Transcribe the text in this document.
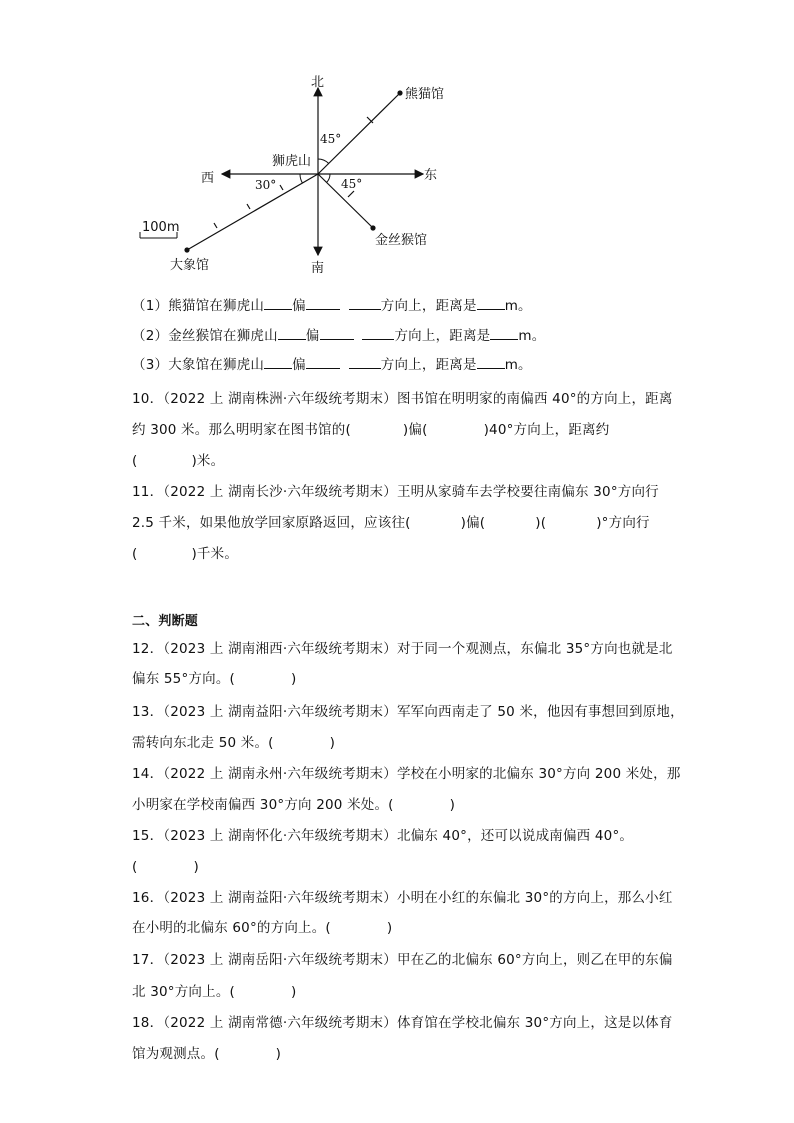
北
南
东
西
狮虎山
熊猫馆
金丝猴馆
大象馆
45°
45°
30°
100m
（1）熊猫馆在狮虎山 偏	方向上，距离是 m。
（2）金丝猴馆在狮虎山 偏	方向上，距离是 m。
（3）大象馆在狮虎山 偏	方向上，距离是 m。
10．（2022 上 湖南株洲·六年级统考期末）图书馆在明明家的南偏西 40°的方向上，距离
约 300 米。那么明明家在图书馆的(	)偏(	)40°方向上，距离约
(	)米。
11．（2022 上 湖南长沙·六年级统考期末）王明从家骑车去学校要往南偏东 30°方向行
2.5 千米，如果他放学回家原路返回，应该往(	)偏(	)(	)°方向行
(	)千米。
二、判断题
12．（2023 上 湖南湘西·六年级统考期末）对于同一个观测点，东偏北 35°方向也就是北
偏东 55°方向。(	)
13．（2023 上 湖南益阳·六年级统考期末）军军向西南走了 50 米，他因有事想回到原地，
需转向东北走 50 米。(	)
14．（2022 上 湖南永州·六年级统考期末）学校在小明家的北偏东 30°方向 200 米处，那
小明家在学校南偏西 30°方向 200 米处。(	)
15．（2023 上 湖南怀化·六年级统考期末）北偏东 40°，还可以说成南偏西 40°。
(	)
16．（2023 上 湖南益阳·六年级统考期末）小明在小红的东偏北 30°的方向上，那么小红
在小明的北偏东 60°的方向上。(	)
17．（2023 上 湖南岳阳·六年级统考期末）甲在乙的北偏东 60°方向上，则乙在甲的东偏
北 30°方向上。(	)
18．（2022 上 湖南常德·六年级统考期末）体育馆在学校北偏东 30°方向上，这是以体育
馆为观测点。(	)
